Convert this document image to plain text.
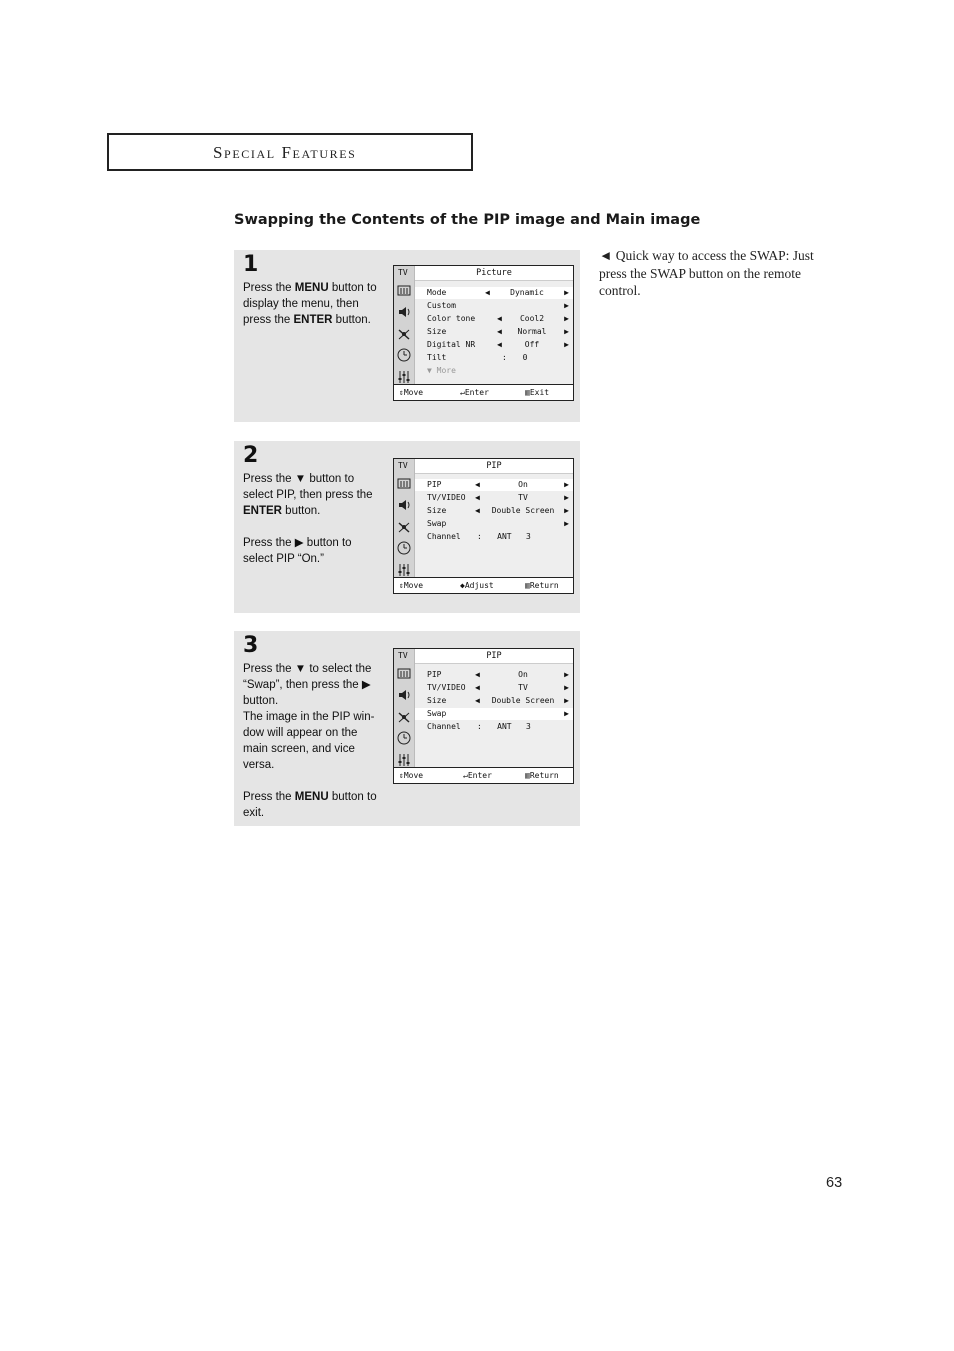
Special Features
Swapping the Contents of the PIP image and Main image
◄ Quick way to access the SWAP: Just press the SWAP button on the remote control.
1

Press the MENU button to display the menu, then press the ENTER button.

TV	Picture
Mode	◀	Dynamic	▶
Custom	▶
Color tone	◀	Cool2	▶
Size	◀	Normal	▶
Digital NR	◀	Off	▶
Tilt	:	0
▼ More
⇕Move	↵Enter	▥Exit
2

Press the ▼ button to select PIP, then press the ENTER button.

Press the ▶ button to select PIP “On.”

TV	PIP
PIP	◀	On	▶
TV/VIDEO ◀	TV	▶
Size	◀	Double Screen	▶
Swap	▶
Channel :	ANT   3
⇕Move	◆Adjust	▥Return
3

Press the ▼ to select the “Swap”, then press the ▶ button.

The image in the PIP win-dow will appear on the main screen, and vice versa.

Press the MENU button to exit.

TV	PIP
PIP	◀	On	▶
TV/VIDEO ◀	TV	▶
Size	◀	Double Screen	▶
Swap	▶
Channel :	ANT   3
⇕Move	↵Enter	▥Return
63
